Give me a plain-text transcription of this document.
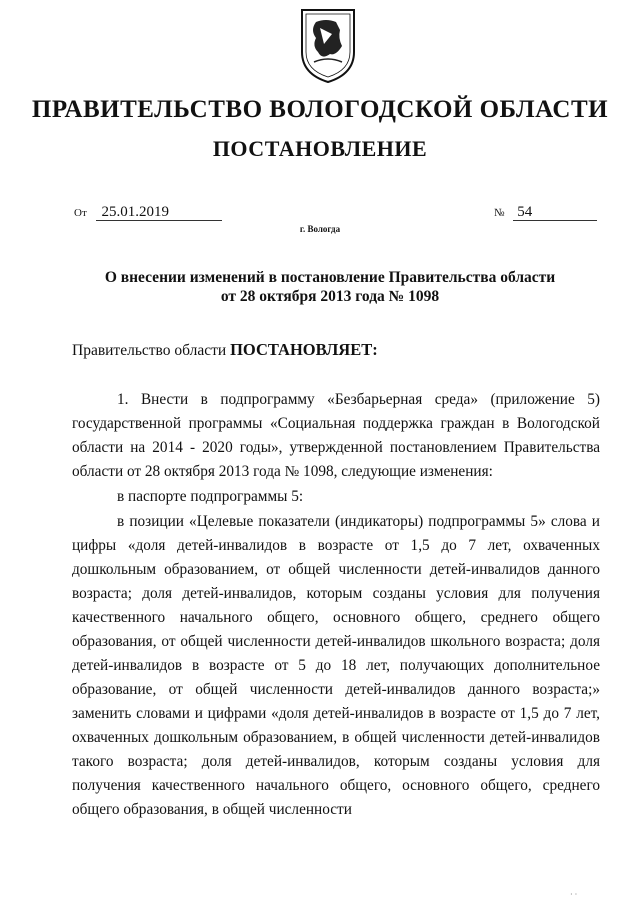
ПРАВИТЕЛЬСТВО ВОЛОГОДСКОЙ ОБЛАСТИ
ПОСТАНОВЛЕНИЕ
От 25.01.2019	№ 54
г. Вологда
О внесении изменений в постановление Правительства области
от 28 октября 2013 года № 1098
Правительство области ПОСТАНОВЛЯЕТ:

1. Внести в подпрограмму «Безбарьерная среда» (приложение 5) государственной программы «Социальная поддержка граждан в Вологодской области на 2014 - 2020 годы», утвержденной постановлением Правительства области от 28 октября 2013 года № 1098, следующие изменения:

в паспорте подпрограммы 5:

в позиции «Целевые показатели (индикаторы) подпрограммы 5» слова и цифры «доля детей-инвалидов в возрасте от 1,5 до 7 лет, охваченных дошкольным образованием, от общей численности детей-инвалидов данного возраста; доля детей-инвалидов, которым созданы условия для получения качественного начального общего, основного общего, среднего общего образования, от общей численности детей-инвалидов школьного возраста; доля детей-инвалидов в возрасте от 5 до 18 лет, получающих дополнительное образование, от общей численности детей-инвалидов данного возраста;» заменить словами и цифрами «доля детей-инвалидов в возрасте от 1,5 до 7 лет, охваченных дошкольным образованием, в общей численности детей-инвалидов такого возраста; доля детей-инвалидов, которым созданы условия для получения качественного начального общего, основного общего, среднего общего образования, в общей численности

· ·
